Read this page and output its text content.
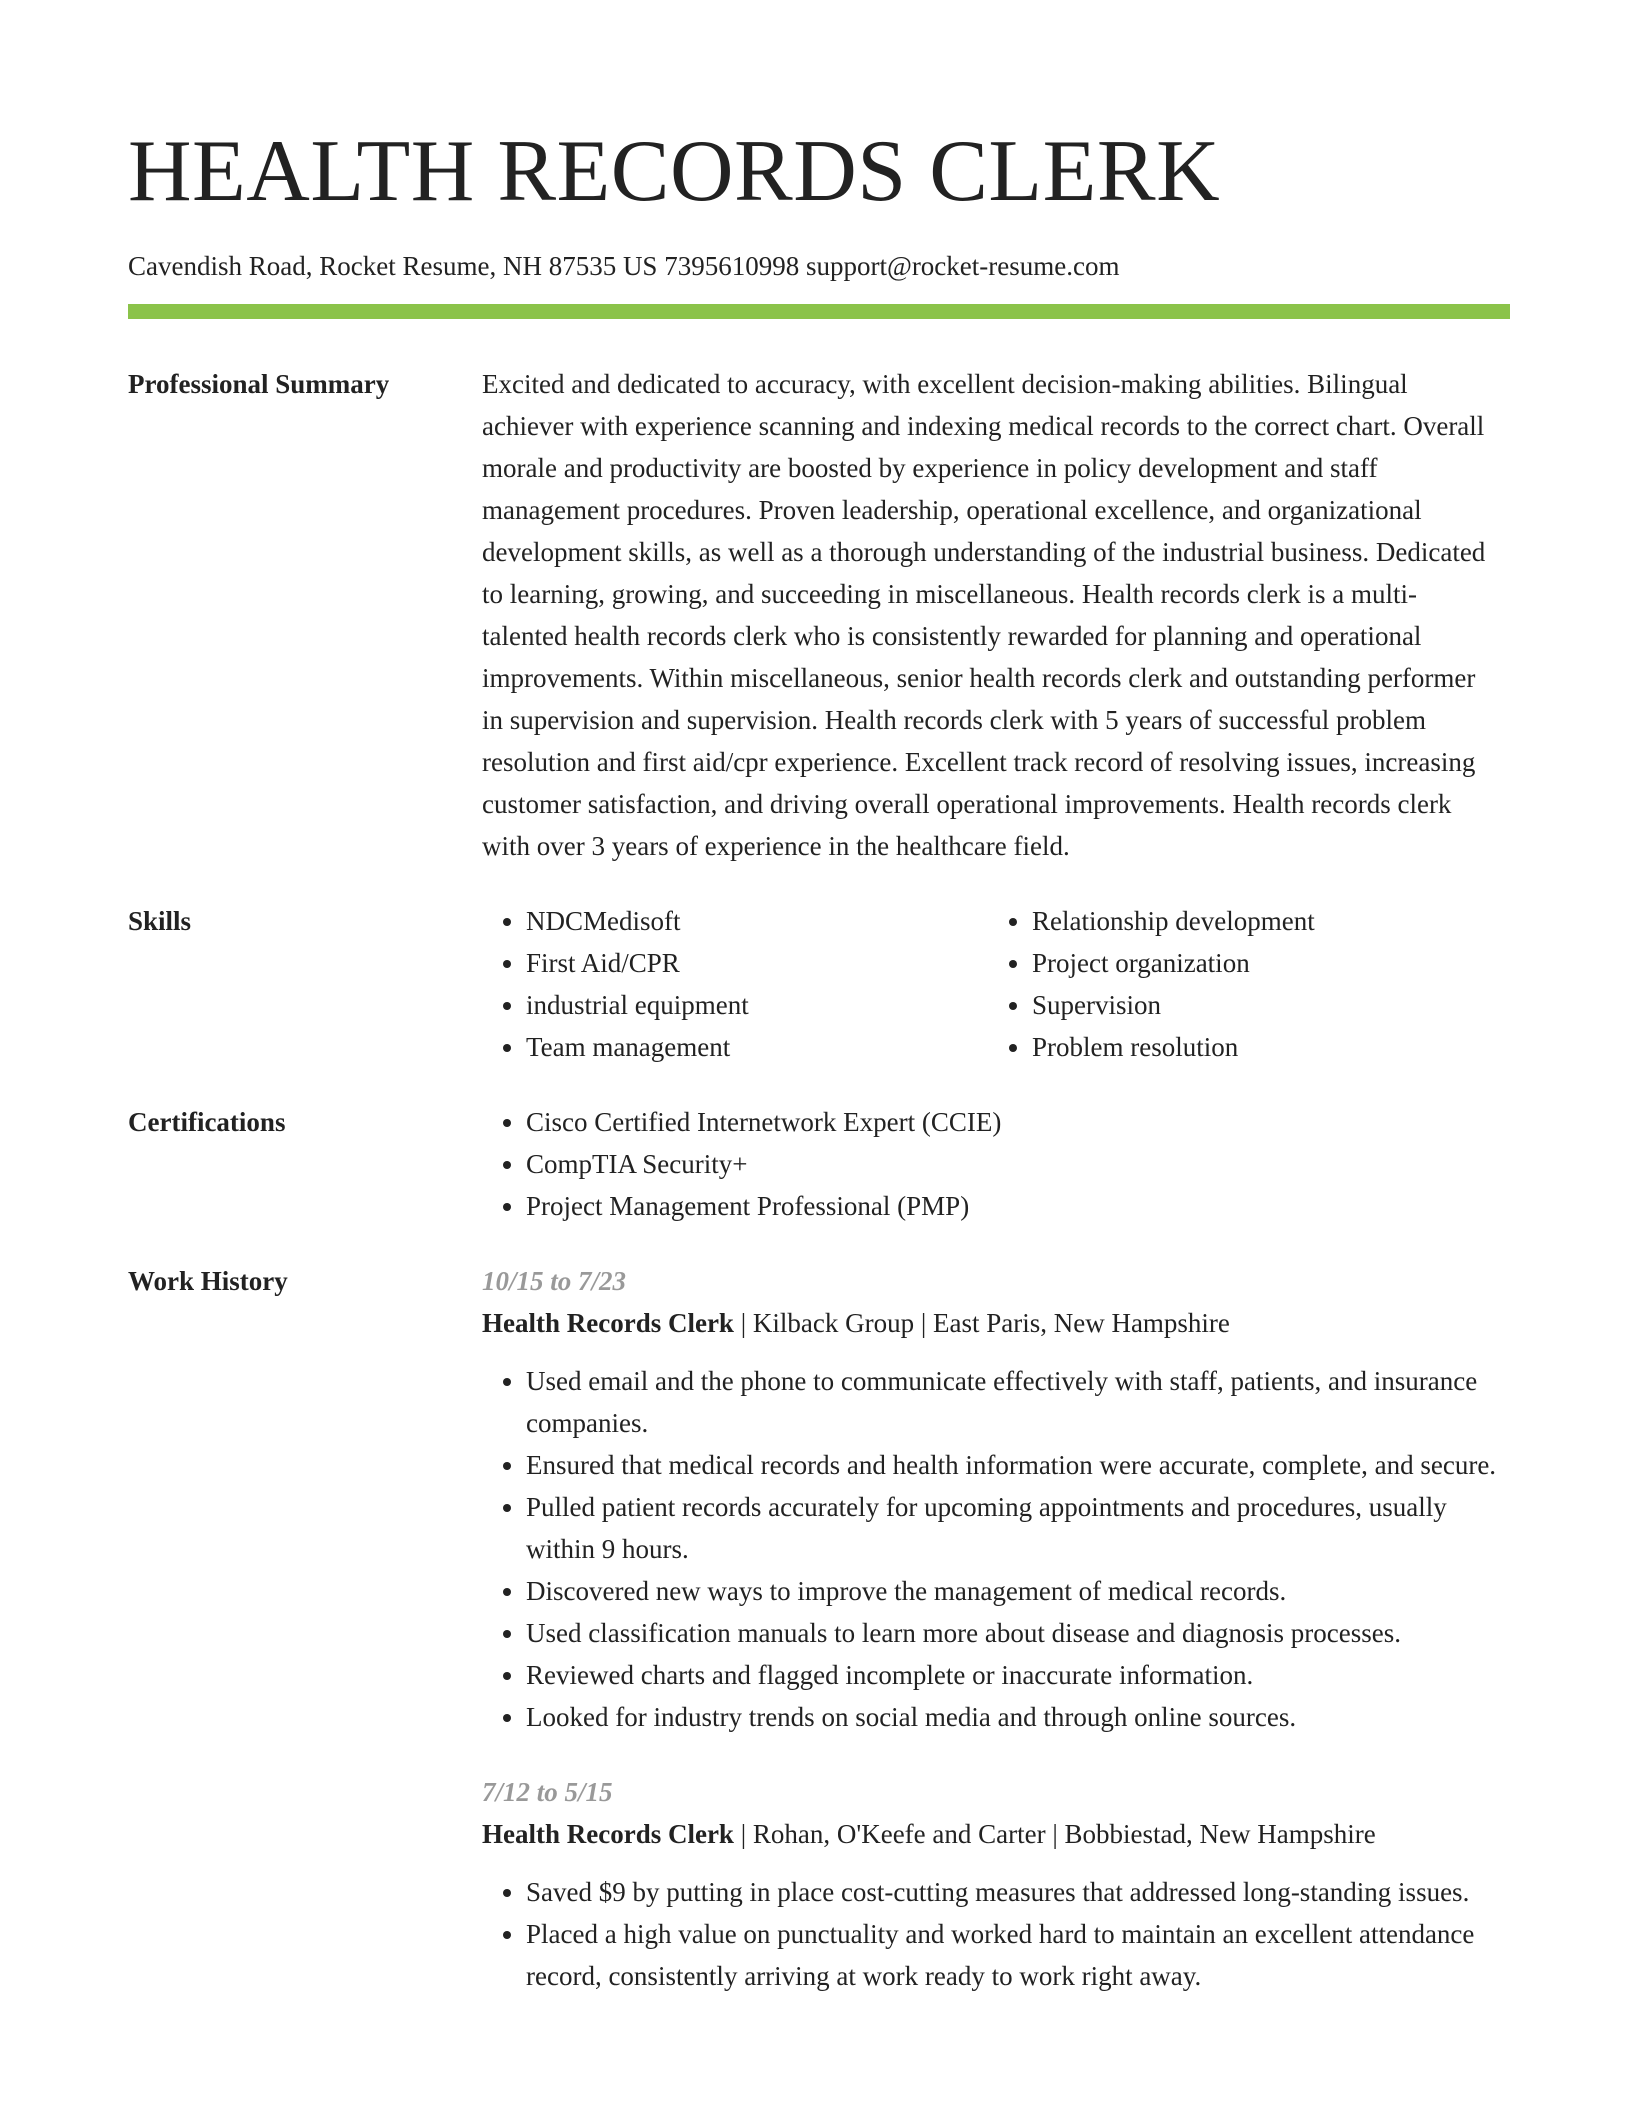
HEALTH RECORDS CLERK
Cavendish Road, Rocket Resume, NH 87535 US 7395610998 support@rocket-resume.com
Professional Summary	Excited and dedicated to accuracy, with excellent decision-making abilities. Bilingual achiever with experience scanning and indexing medical records to the correct chart. Overall morale and productivity are boosted by experience in policy development and staff management procedures. Proven leadership, operational excellence, and organizational development skills, as well as a thorough understanding of the industrial business. Dedicated to learning, growing, and succeeding in miscellaneous. Health records clerk is a multi-talented health records clerk who is consistently rewarded for planning and operational improvements. Within miscellaneous, senior health records clerk and outstanding performer in supervision and supervision. Health records clerk with 5 years of successful problem resolution and first aid/cpr experience. Excellent track record of resolving issues, increasing customer satisfaction, and driving overall operational improvements. Health records clerk with over 3 years of experience in the healthcare field.
Skills	• NDCMedisoft
• First Aid/CPR
• industrial equipment
• Team management
• Relationship development
• Project organization
• Supervision
• Problem resolution
Certifications	• Cisco Certified Internetwork Expert (CCIE)
• CompTIA Security+
• Project Management Professional (PMP)
Work History	10/15 to 7/23
Health Records Clerk | Kilback Group | East Paris, New Hampshire
• Used email and the phone to communicate effectively with staff, patients, and insurance companies.
• Ensured that medical records and health information were accurate, complete, and secure.
• Pulled patient records accurately for upcoming appointments and procedures, usually within 9 hours.
• Discovered new ways to improve the management of medical records.
• Used classification manuals to learn more about disease and diagnosis processes.
• Reviewed charts and flagged incomplete or inaccurate information.
• Looked for industry trends on social media and through online sources.
7/12 to 5/15
Health Records Clerk | Rohan, O'Keefe and Carter | Bobbiestad, New Hampshire
• Saved $9 by putting in place cost-cutting measures that addressed long-standing issues.
• Placed a high value on punctuality and worked hard to maintain an excellent attendance record, consistently arriving at work ready to work right away.
